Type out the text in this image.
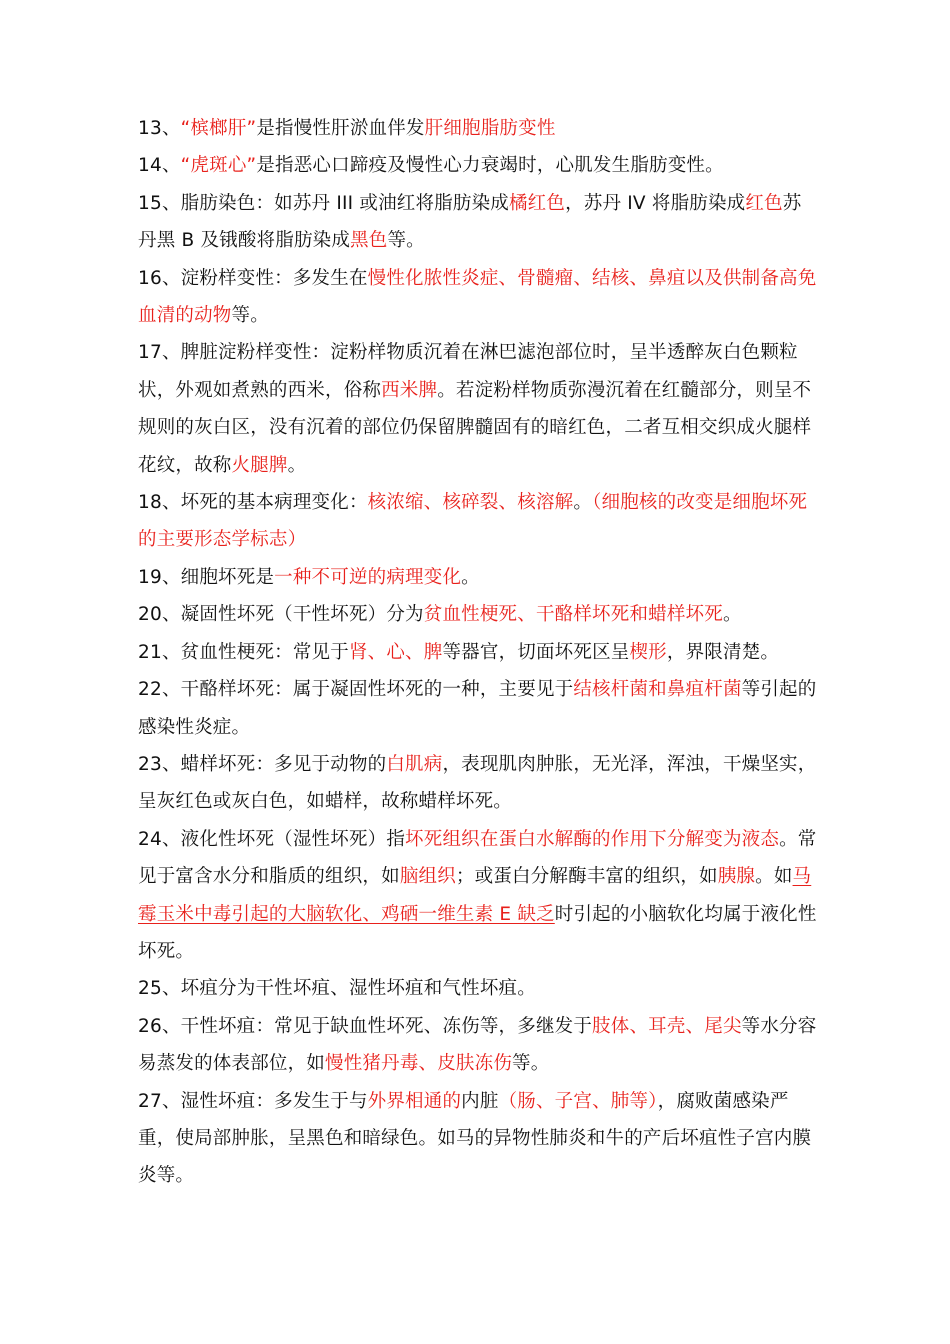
13、“槟榔肝”是指慢性肝淤血伴发肝细胞脂肪变性

14、“虎斑心”是指恶心口蹄疫及慢性心力衰竭时，心肌发生脂肪变性。

15、脂肪染色：如苏丹 III 或油红将脂肪染成橘红色，苏丹 IV 将脂肪染成红色苏丹黑 B 及锇酸将脂肪染成黑色等。

16、淀粉样变性：多发生在慢性化脓性炎症、骨髓瘤、结核、鼻疽以及供制备高免血清的动物等。

17、脾脏淀粉样变性：淀粉样物质沉着在淋巴滤泡部位时，呈半透醉灰白色颗粒状，外观如煮熟的西米，俗称西米脾。若淀粉样物质弥漫沉着在红髓部分，则呈不规则的灰白区，没有沉着的部位仍保留脾髓固有的暗红色，二者互相交织成火腿样花纹，故称火腿脾。

18、坏死的基本病理变化：核浓缩、核碎裂、核溶解。（细胞核的改变是细胞坏死的主要形态学标志）

19、细胞坏死是一种不可逆的病理变化。

20、凝固性坏死（干性坏死）分为贫血性梗死、干酪样坏死和蜡样坏死。

21、贫血性梗死：常见于肾、心、脾等器官，切面坏死区呈楔形，界限清楚。

22、干酪样坏死：属于凝固性坏死的一种，主要见于结核杆菌和鼻疽杆菌等引起的感染性炎症。

23、蜡样坏死：多见于动物的白肌病，表现肌肉肿胀，无光泽，浑浊，干燥坚实，呈灰红色或灰白色，如蜡样，故称蜡样坏死。

24、液化性坏死（湿性坏死）指坏死组织在蛋白水解酶的作用下分解变为液态。常见于富含水分和脂质的组织，如脑组织；或蛋白分解酶丰富的组织，如胰腺。如马霉玉米中毒引起的大脑软化、鸡硒一维生素 E 缺乏时引起的小脑软化均属于液化性坏死。

25、坏疽分为干性坏疽、湿性坏疽和气性坏疽。

26、干性坏疽：常见于缺血性坏死、冻伤等，多继发于肢体、耳壳、尾尖等水分容易蒸发的体表部位，如慢性猪丹毒、皮肤冻伤等。

27、湿性坏疽：多发生于与外界相通的内脏（肠、子宫、肺等），腐败菌感染严重，使局部肿胀，呈黑色和暗绿色。如马的异物性肺炎和牛的产后坏疽性子宫内膜炎等。
